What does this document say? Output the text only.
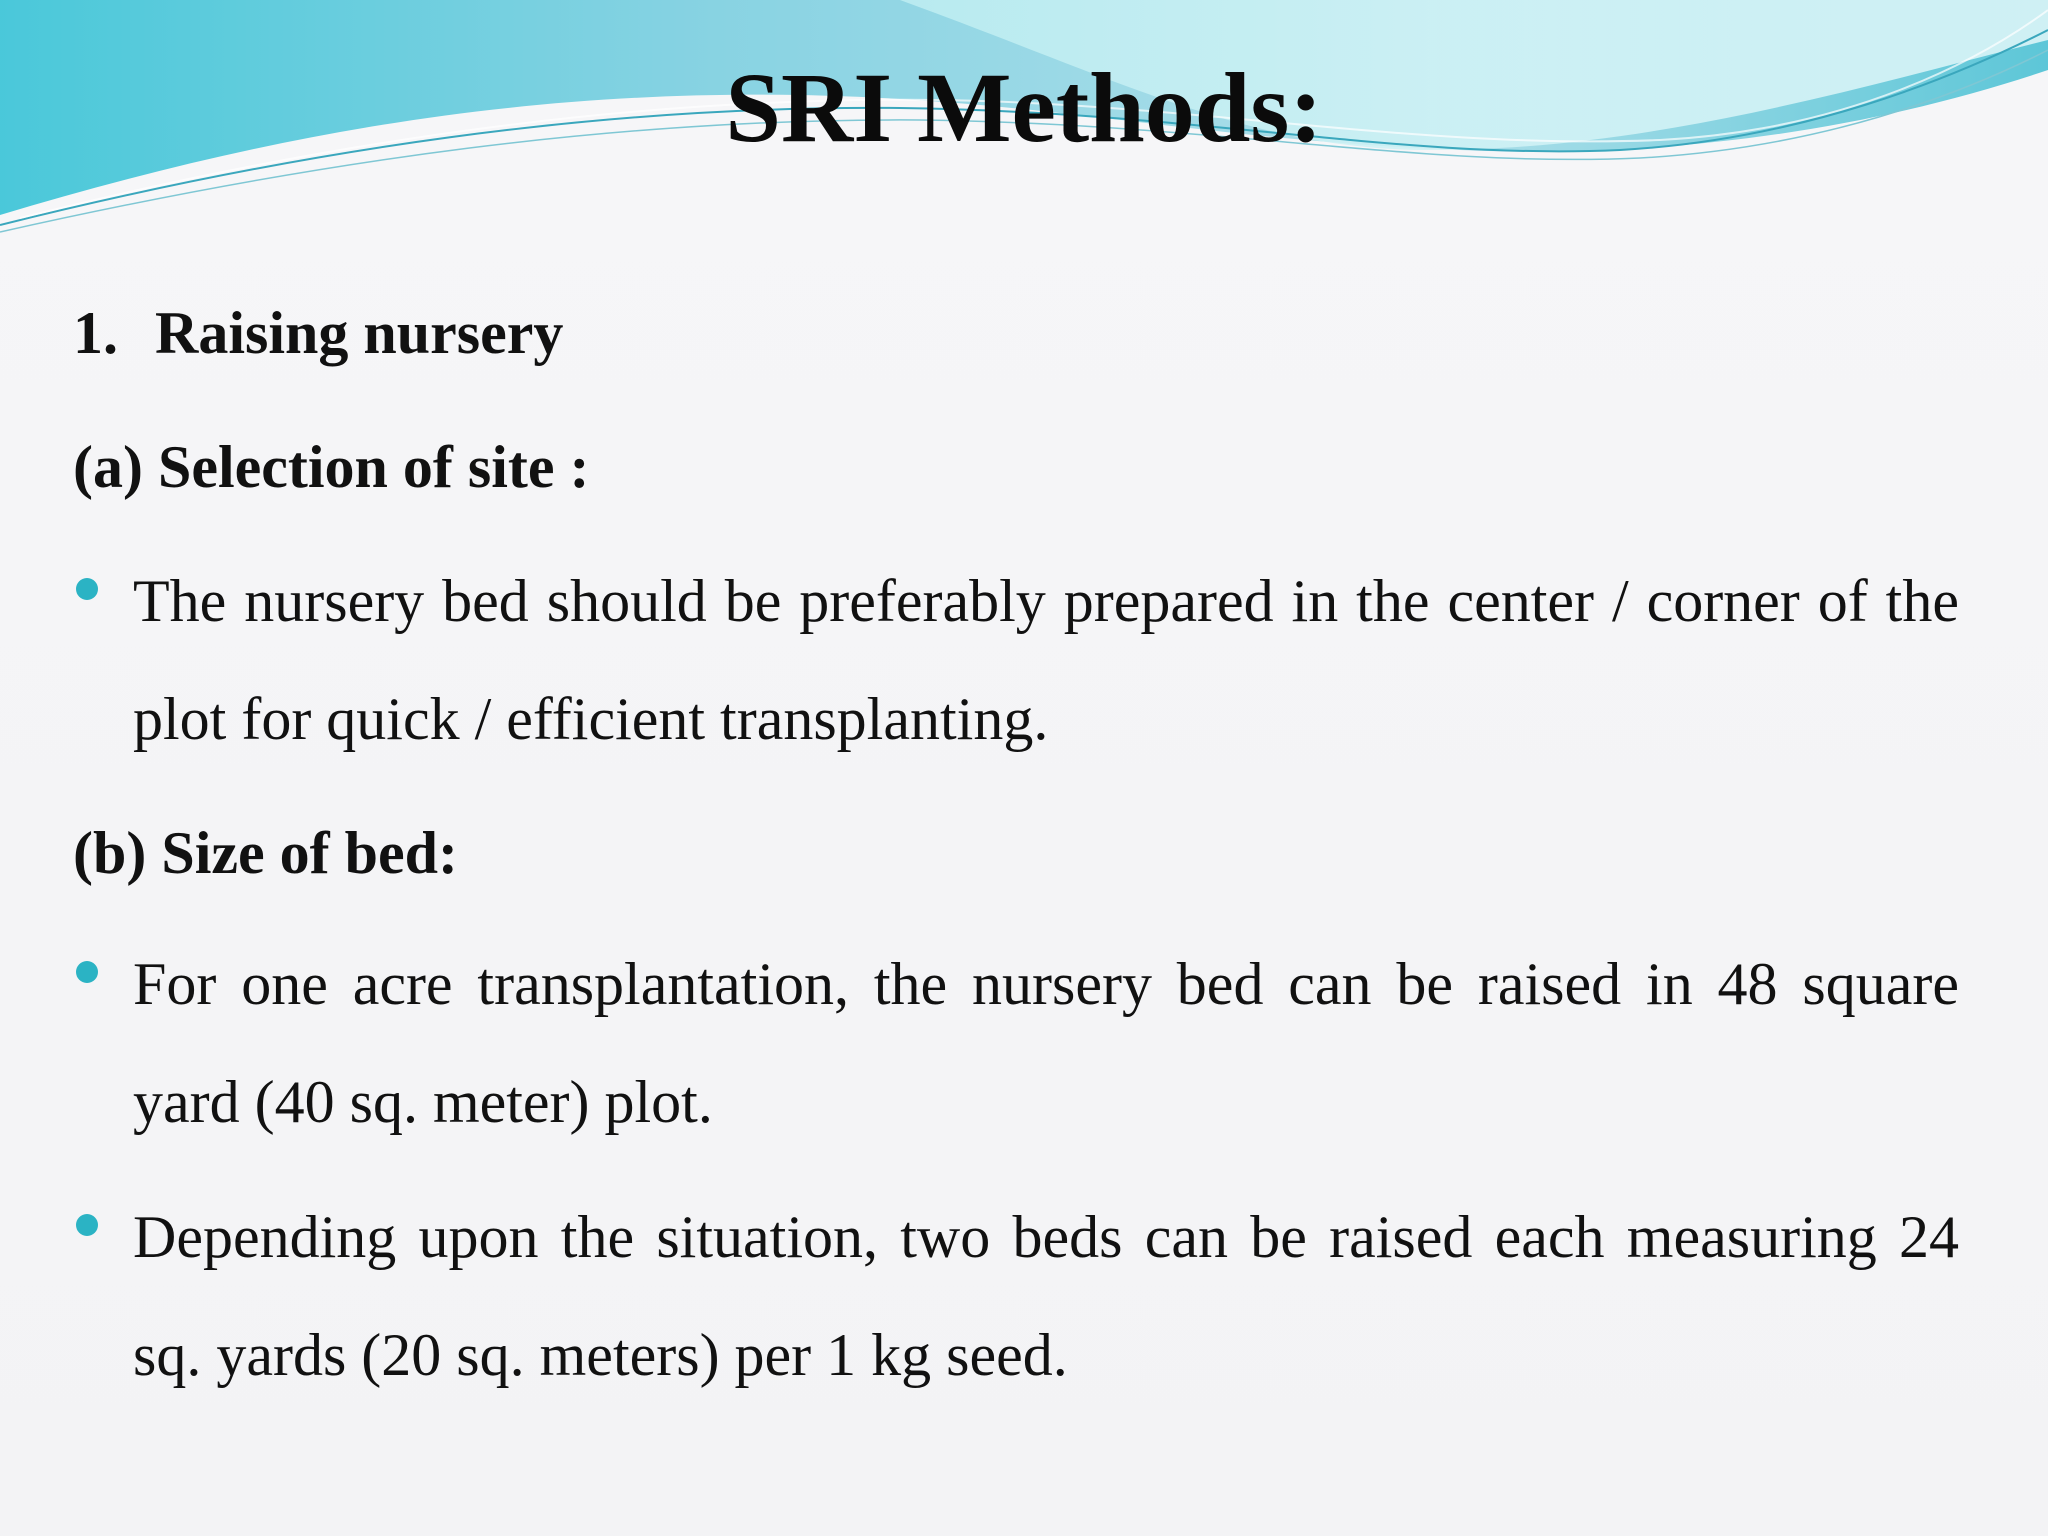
SRI Methods:
1. Raising nursery
(a) Selection of site :
The nursery bed should be preferably prepared in the center / corner of the plot for quick / efficient transplanting.
(b) Size of bed:
For one acre transplantation, the nursery bed can be raised in 48 square yard (40 sq. meter) plot.
Depending upon the situation, two beds can be raised each measuring 24 sq. yards (20 sq. meters) per 1 kg seed.
